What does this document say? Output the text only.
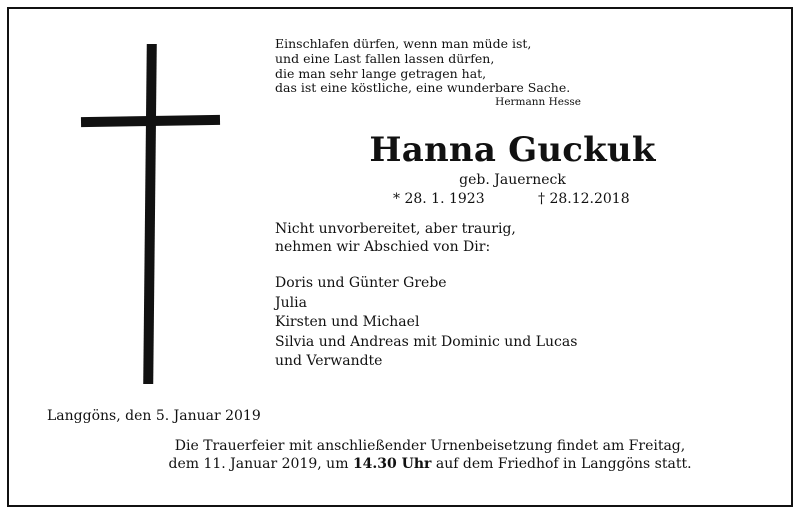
Einschlafen dürfen, wenn man müde ist,
und eine Last fallen lassen dürfen,
die man sehr lange getragen hat,
das ist eine köstliche, eine wunderbare Sache.
Hermann Hesse
Hanna Guckuk
geb. Jauerneck
* 28. 1. 1923	† 28.12.2018
Nicht unvorbereitet, aber traurig,
nehmen wir Abschied von Dir:
Doris und Günter Grebe
Julia
Kirsten und Michael
Silvia und Andreas mit Dominic und Lucas
und Verwandte
Langgöns, den 5. Januar 2019
Die Trauerfeier mit anschließender Urnenbeisetzung findet am Freitag,
dem 11. Januar 2019, um 14.30 Uhr auf dem Friedhof in Langgöns statt.
